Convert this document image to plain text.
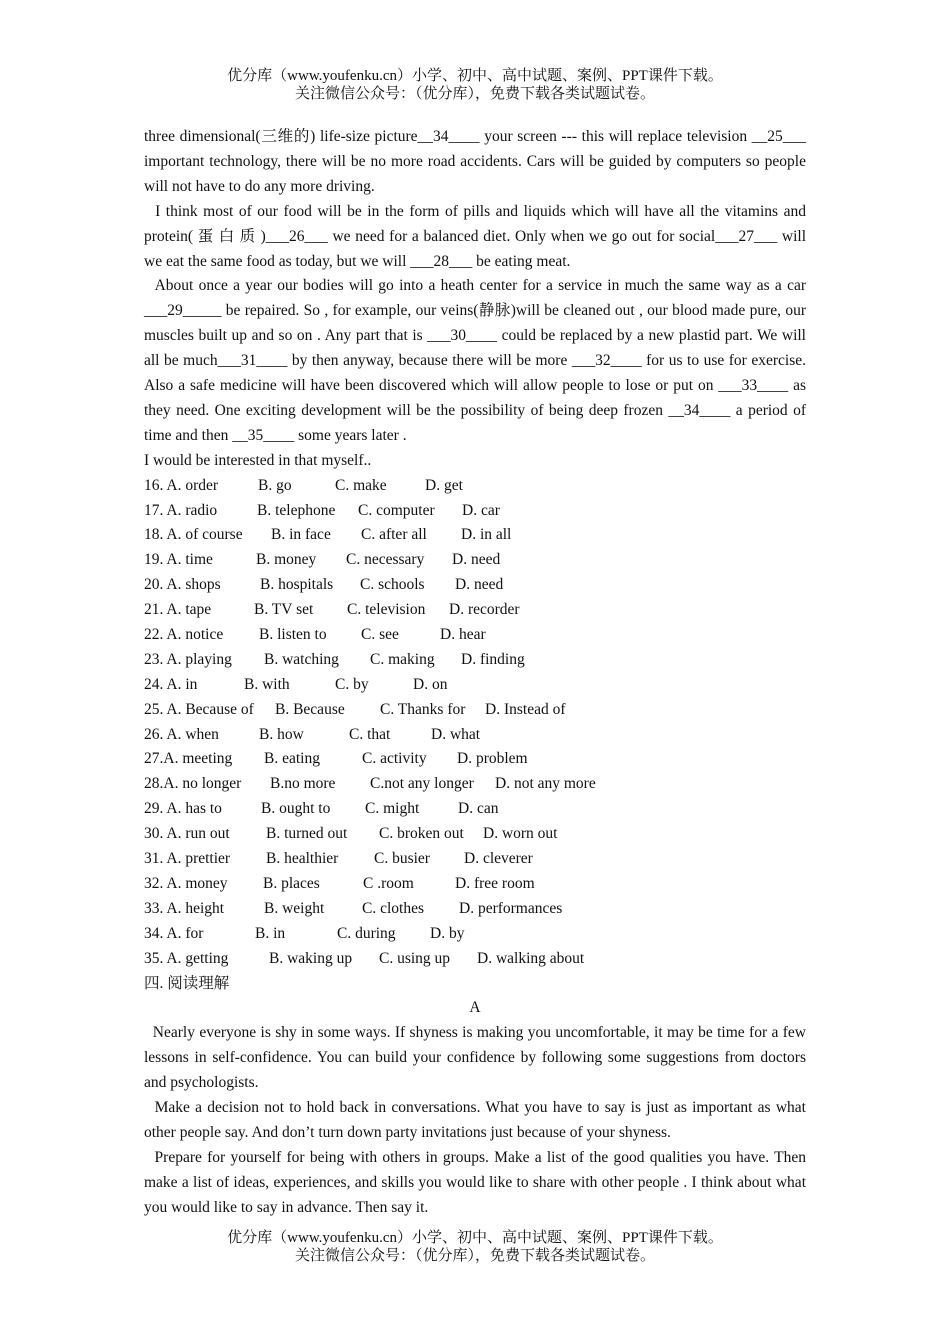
优分库（www.youfenku.cn）小学、初中、高中试题、案例、PPT课件下载。
关注微信公众号：（优分库），免费下载各类试题试卷。

three dimensional(三维的) life-size picture__34____ your screen --- this will replace television __25___ important technology, there will be no more road accidents. Cars will be guided by computers so people will not have to do any more driving.

I think most of our food will be in the form of pills and liquids which will have all the vitamins and protein( 蛋 白 质 )___26___ we need for a balanced diet. Only when we go out for social___27___ will we eat the same food as today, but we will ___28___ be eating meat.

About once a year our bodies will go into a heath center for a service in much the same way as a car ___29_____ be repaired. So , for example, our veins(静脉)will be cleaned out , our blood made pure, our muscles built up and so on . Any part that is ___30____ could be replaced by a new plastid part. We will all be much___31____ by then anyway, because there will be more ___32____ for us to use for exercise. Also a safe medicine will have been discovered which will allow people to lose or put on ___33____ as they need. One exciting development will be the possibility of being deep frozen __34____ a period of time and then __35____ some years later .

I would be interested in that myself..

16. A. order	B. go	C. make D. get
17. A. radio	B. telephone C. computer D. car
18. A. of course B. in face C. after all D. in all
19. A. time	B. money C. necessary D. need
20. A. shops	B. hospitals C. schools D. need
21. A. tape	B. TV set C. television D. recorder
22. A. notice B. listen to C. see	D. hear
23. A. playing B. watching C. making D. finding
24. A. in	B. with	C. by	D. on
25. A. Because of B. Because C. Thanks for D. Instead of
26. A. when	B. how	C. that	D. what
27.A. meeting B. eating	C. activity D. problem
28.A. no longer B.no more C.not any longer D. not any more
29. A. has to	B. ought to C. might D. can
30. A. run out B. turned out C. broken out D. worn out
31. A. prettier B. healthier C. busier D. cleverer
32. A. money B. places	C .room	D. free room
33. A. height	B. weight C. clothes D. performances
34. A. for	B. in	C. during D. by
35. A. getting	B. waking up C. using up D. walking about

四. 阅读理解

A

Nearly everyone is shy in some ways. If shyness is making you uncomfortable, it may be time for a few lessons in self-confidence. You can build your confidence by following some suggestions from doctors and psychologists.

Make a decision not to hold back in conversations. What you have to say is just as important as what other people say. And don’t turn down party invitations just because of your shyness.

Prepare for yourself for being with others in groups. Make a list of the good qualities you have. Then make a list of ideas, experiences, and skills you would like to share with other people . I think about what you would like to say in advance. Then say it.

优分库（www.youfenku.cn）小学、初中、高中试题、案例、PPT课件下载。
关注微信公众号：（优分库），免费下载各类试题试卷。
